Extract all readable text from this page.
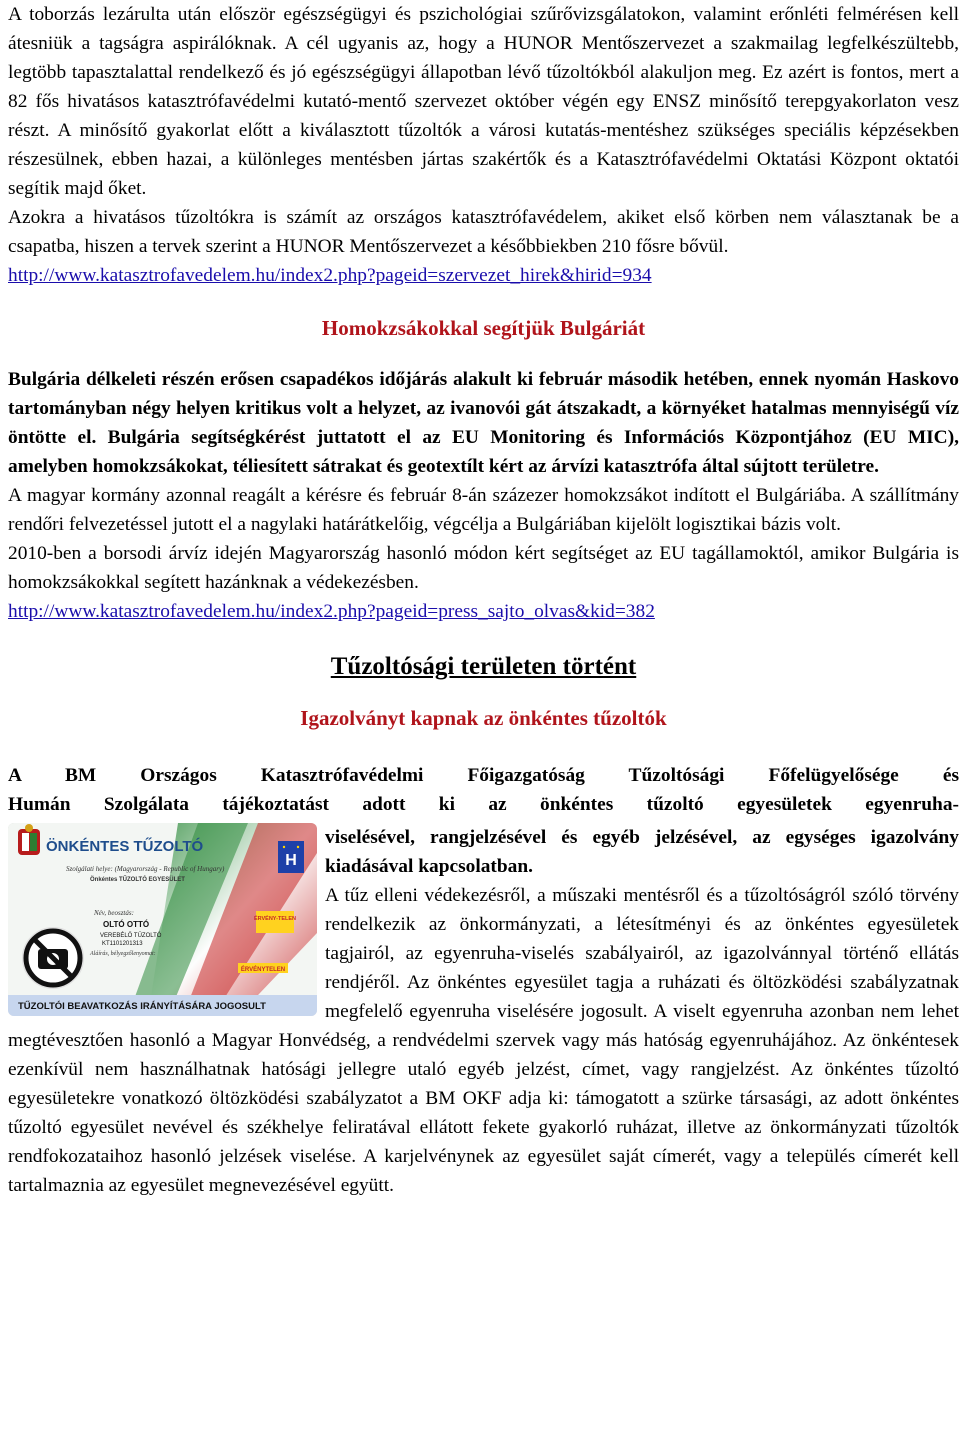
A toborzás lezárulta után először egészségügyi és pszichológiai szűrővizsgálatokon, valamint erőnléti felmérésen kell átesniük a tagságra aspirálóknak. A cél ugyanis az, hogy a HUNOR Mentőszervezet a szakmailag legfelkészültebb, legtöbb tapasztalattal rendelkező és jó egészségügyi állapotban lévő tűzoltókból alakuljon meg. Ez azért is fontos, mert a 82 fős hivatásos katasztrófavédelmi kutató-mentő szervezet október végén egy ENSZ minősítő terepgyakorlaton vesz részt. A minősítő gyakorlat előtt a kiválasztott tűzoltók a városi kutatás-mentéshez szükséges speciális képzésekben részesülnek, ebben hazai, a különleges mentésben jártas szakértők és a Katasztrófavédelmi Oktatási Központ oktatói segítik majd őket.

Azokra a hivatásos tűzoltókra is számít az országos katasztrófavédelem, akiket első körben nem választanak be a csapatba, hiszen a tervek szerint a HUNOR Mentőszervezet a későbbiekben 210 fősre bővül.

http://www.katasztrofavedelem.hu/index2.php?pageid=szervezet_hirek&hirid=934
Homokzsákokkal segítjük Bulgáriát

Bulgária délkeleti részén erősen csapadékos időjárás alakult ki február második hetében, ennek nyomán Haskovo tartományban négy helyen kritikus volt a helyzet, az ivanovói gát átszakadt, a környéket hatalmas mennyiségű víz öntötte el. Bulgária segítségkérést juttatott el az EU Monitoring és Információs Központjához (EU MIC), amelyben homokzsákokat, téliesített sátrakat és geotextílt kért az árvízi katasztrófa által sújtott területre.

A magyar kormány azonnal reagált a kérésre és február 8-án százezer homokzsákot indított el Bulgáriába. A szállítmány rendőri felvezetéssel jutott el a nagylaki határátkelőig, végcélja a Bulgáriában kijelölt logisztikai bázis volt.

2010-ben a borsodi árvíz idején Magyarország hasonló módon kért segítséget az EU tagállamoktól, amikor Bulgária is homokzsákokkal segített hazánknak a védekezésben.

http://www.katasztrofavedelem.hu/index2.php?pageid=press_sajto_olvas&kid=382
Tűzoltósági területen történt
Igazolványt kapnak az önkéntes tűzoltók
A BM Országos Katasztrófavédelmi Főigazgatóság Tűzoltósági Főfelügyelősége és
Humán Szolgálata tájékoztatást adott ki az önkéntes tűzoltó egyesületek egyenruha-
ÖNKÉNTES TŰZOLTÓ
Szolgálati helye: (Magyarország - Republic of Hungary)
Önkéntes TŰZOLTÓ EGYESÜLET
Név, beosztás:
OLTÓ OTTÓ
VEREBÉLŐ TŰZOLTÓ
KT1101201313
Aláírás, bélyegzőlenyomat:
H
ÉRVÉNY-TELEN
ÉRVÉNYTELEN
TŰZOLTÓI BEAVATKOZÁS IRÁNYÍTÁSÁRA JOGOSULT

viselésével, rangjelzésével és egyéb jelzésével, az egységes igazolvány kiadásával kapcsolatban.

A tűz elleni védekezésről, a műszaki mentésről és a tűzoltóságról szóló törvény rendelkezik az önkormányzati, a létesítményi és az önkéntes egyesületek tagjairól, az egyenruha-viselés szabályairól, az igazolvánnyal történő ellátás rendjéről. Az önkéntes egyesület tagja a ruházati és öltözködési szabályzatnak megfelelő egyenruha viselésére jogosult. A viselt egyenruha azonban nem lehet megtévesztően hasonló a Magyar Honvédség, a rendvédelmi szervek vagy más hatóság egyenruhájához. Az önkéntesek ezenkívül nem használhatnak hatósági jellegre utaló egyéb jelzést, címet, vagy rangjelzést. Az önkéntes tűzoltó egyesületekre vonatkozó öltözködési szabályzatot a BM OKF adja ki: támogatott a szürke társasági, az adott önkéntes tűzoltó egyesület nevével és székhelye feliratával ellátott fekete gyakorló ruházat, illetve az önkormányzati tűzoltók rendfokozataihoz hasonló jelzések viselése. A karjelvénynek az egyesület saját címerét, vagy a település címerét kell tartalmaznia az egyesület megnevezésével együtt.
